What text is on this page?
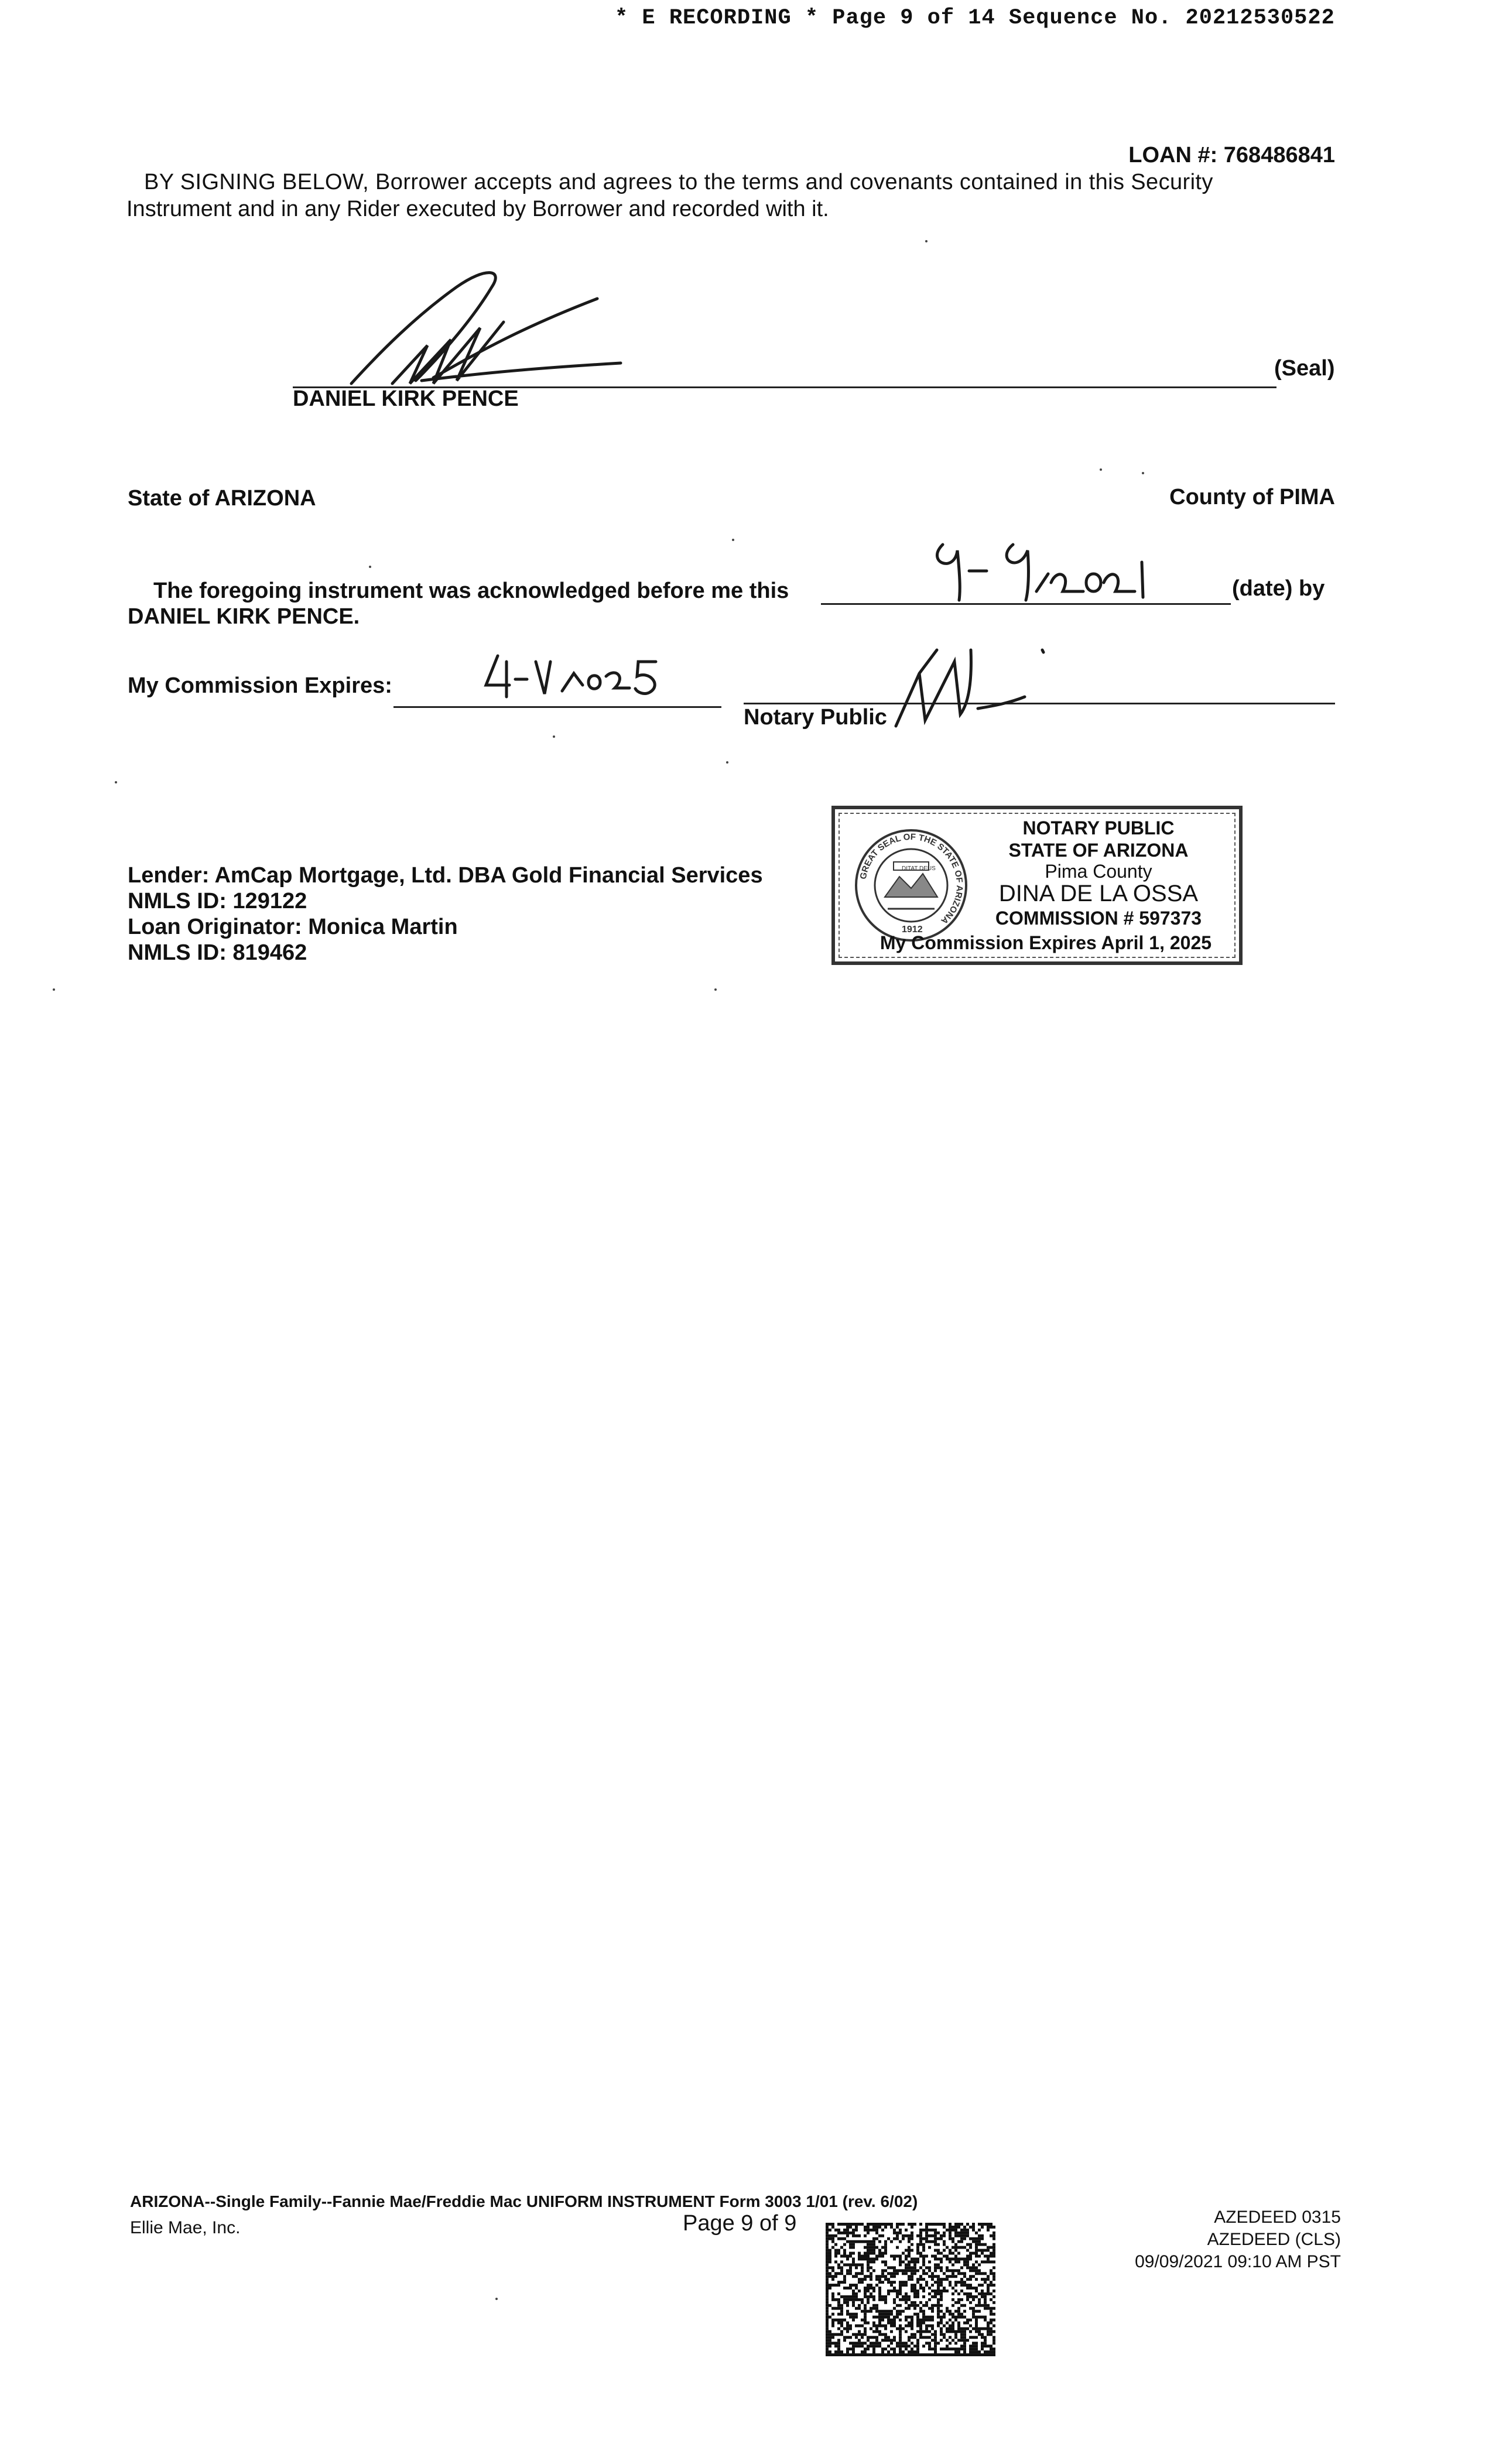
* E RECORDING * Page 9 of 14 Sequence No. 20212530522
LOAN #: 768486841
BY SIGNING BELOW, Borrower accepts and agrees to the terms and covenants contained in this Security
Instrument and in any Rider executed by Borrower and recorded with it.
DANIEL KIRK PENCE
(Seal)
State of ARIZONA	County of PIMA
The foregoing instrument was acknowledged before me this	(date) by
DANIEL KIRK PENCE.
My Commission Expires:
Notary Public
Lender: AmCap Mortgage, Ltd. DBA Gold Financial Services
NMLS ID: 129122
Loan Originator: Monica Martin
NMLS ID: 819462
GREAT SEAL OF THE STATE OF ARIZONA
DITAT DEUS
1912
NOTARY PUBLIC
STATE OF ARIZONA
Pima County
DINA DE LA OSSA
COMMISSION # 597373
My Commission Expires April 1, 2025
ARIZONA--Single Family--Fannie Mae/Freddie Mac UNIFORM INSTRUMENT Form 3003 1/01 (rev. 6/02)
Ellie Mae, Inc.	Page 9 of 9	AZEDEED 0315
AZEDEED (CLS)
09/09/2021 09:10 AM PST
